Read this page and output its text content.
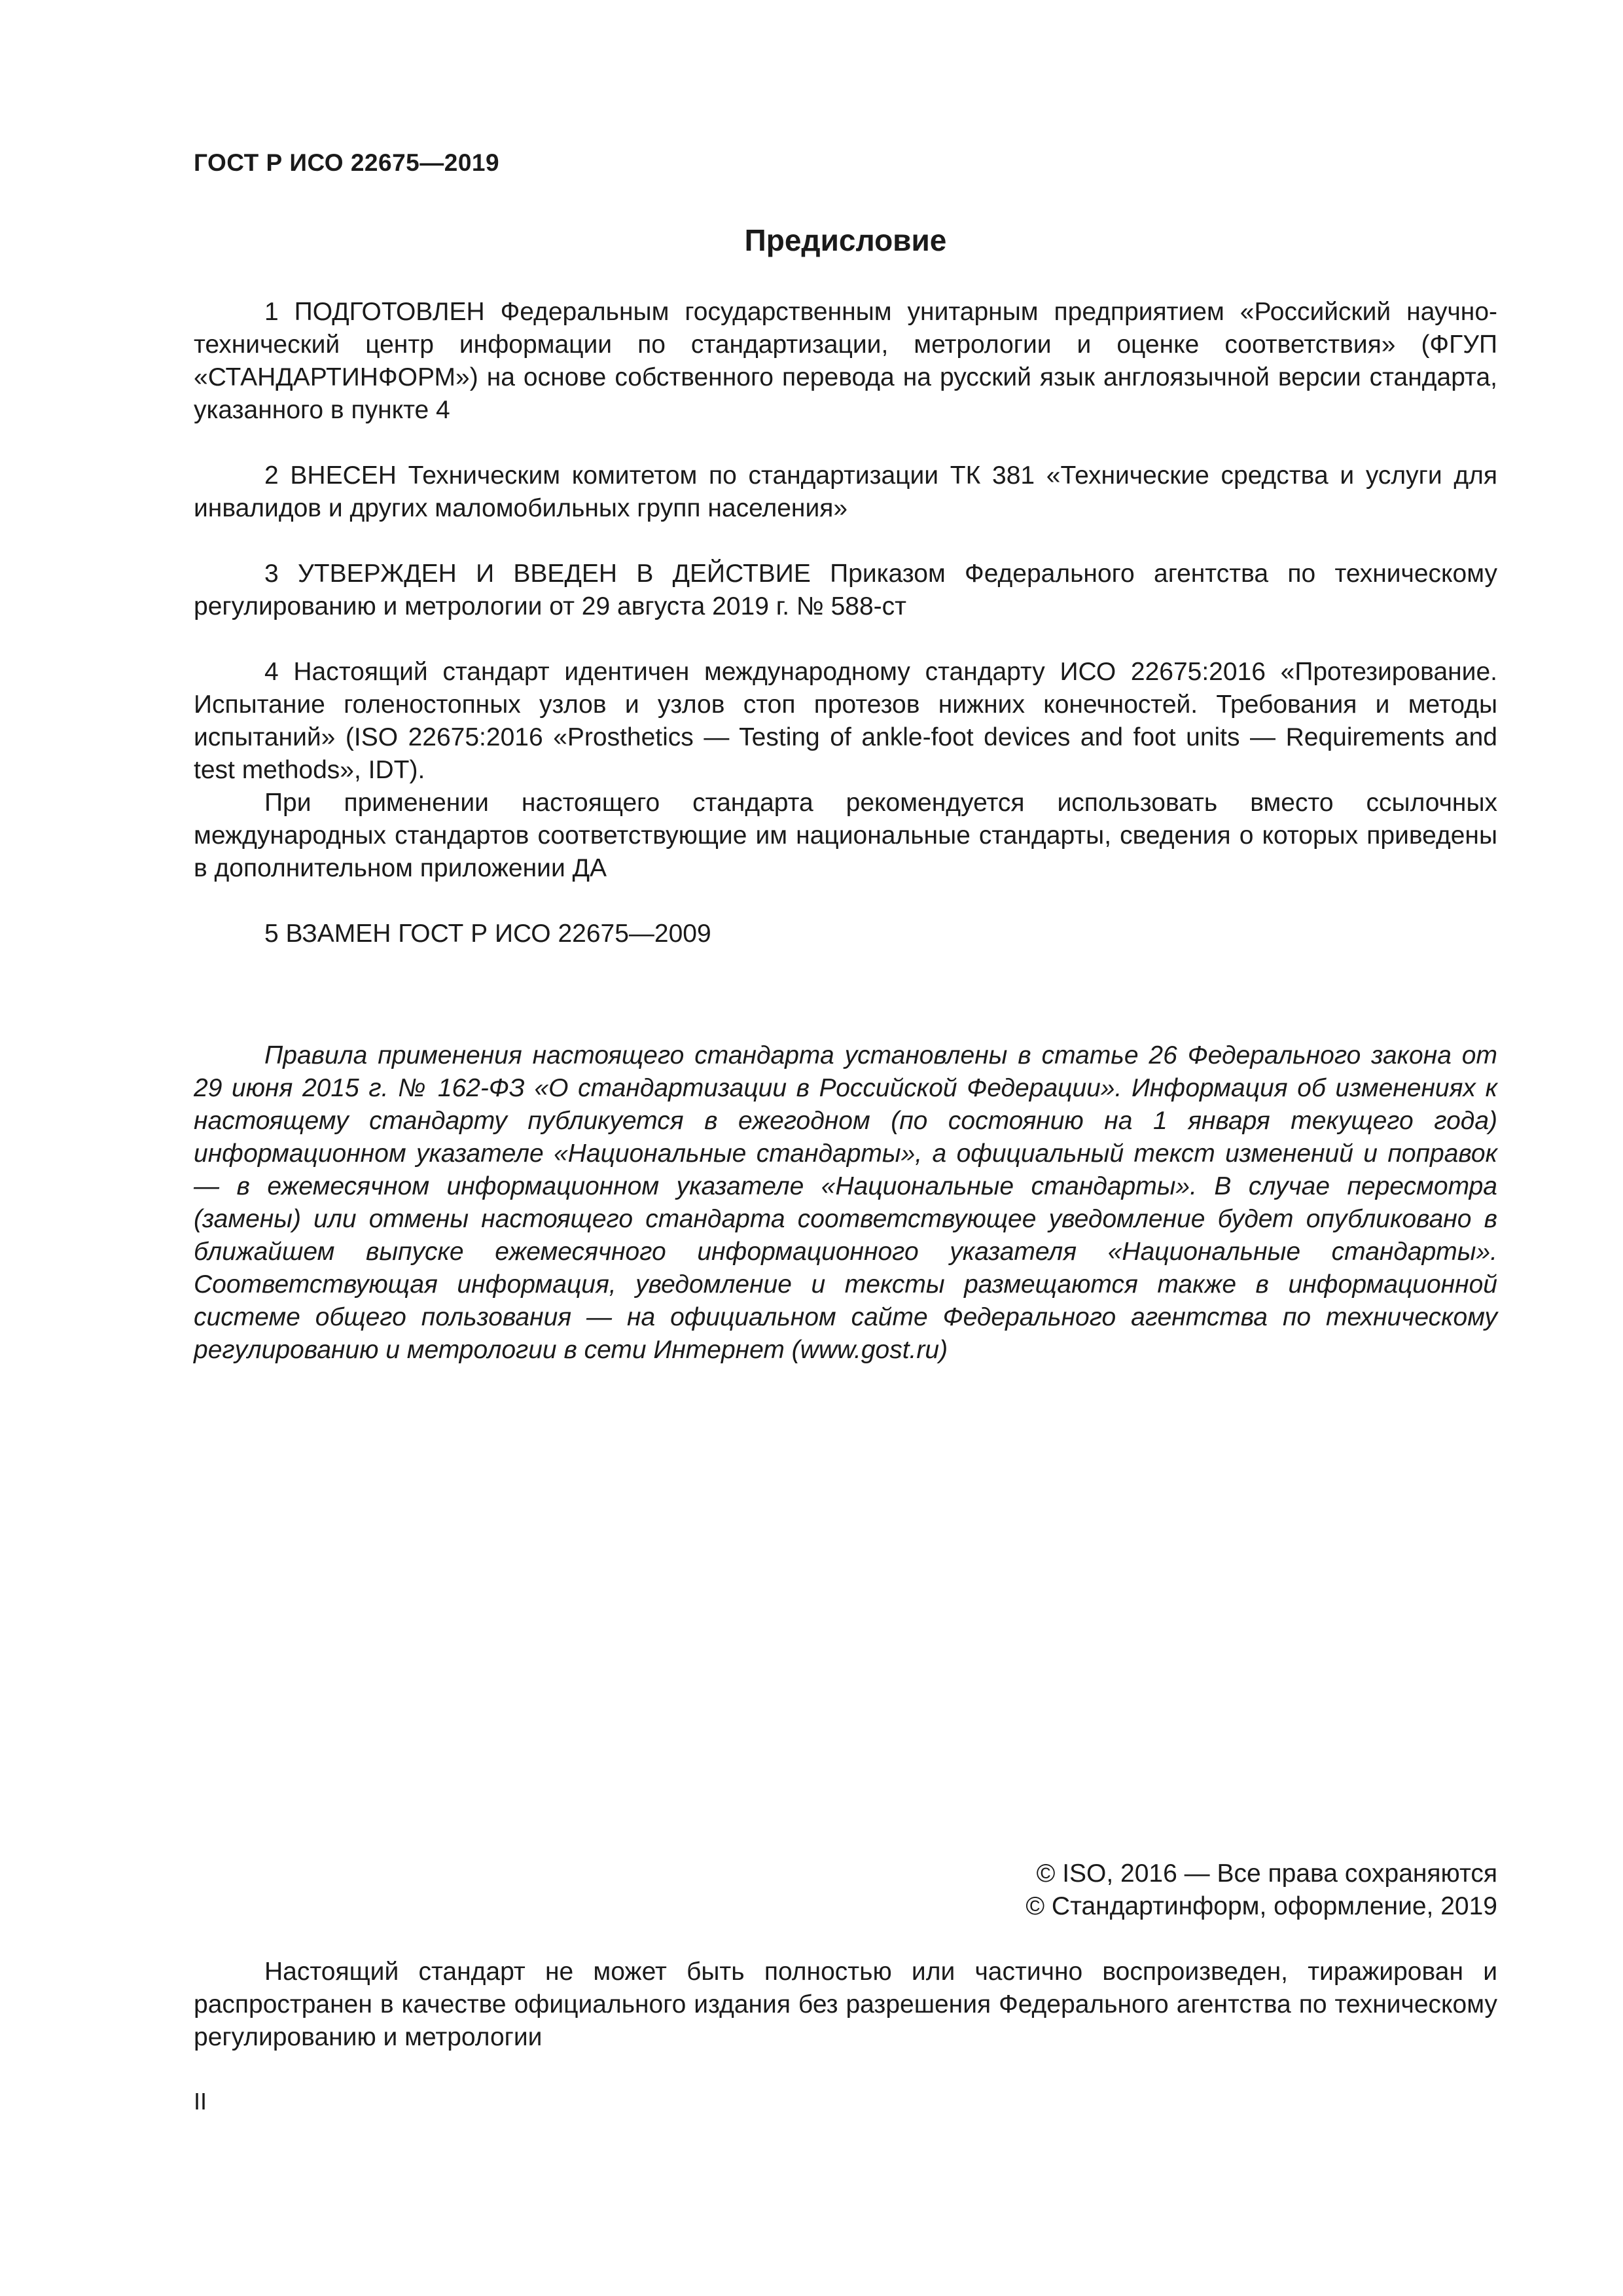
ГОСТ Р ИСО 22675—2019
Предисловие

1 ПОДГОТОВЛЕН Федеральным государственным унитарным предприятием «Российский научно-технический центр информации по стандартизации, метрологии и оценке соответствия» (ФГУП «СТАНДАРТИНФОРМ») на основе собственного перевода на русский язык англоязычной версии стандарта, указанного в пункте 4

2 ВНЕСЕН Техническим комитетом по стандартизации ТК 381 «Технические средства и услуги для инвалидов и других маломобильных групп населения»

3 УТВЕРЖДЕН И ВВЕДЕН В ДЕЙСТВИЕ Приказом Федерального агентства по техническому регулированию и метрологии от 29 августа 2019 г. № 588-ст

4 Настоящий стандарт идентичен международному стандарту ИСО 22675:2016 «Протезирование. Испытание голеностопных узлов и узлов стоп протезов нижних конечностей. Требования и методы испытаний» (ISO 22675:2016 «Prosthetics — Testing of ankle-foot devices and foot units — Requirements and test methods», IDT).

При применении настоящего стандарта рекомендуется использовать вместо ссылочных международных стандартов соответствующие им национальные стандарты, сведения о которых приведены в дополнительном приложении ДА

5 ВЗАМЕН ГОСТ Р ИСО 22675—2009

Правила применения настоящего стандарта установлены в статье 26 Федерального закона от 29 июня 2015 г. № 162-ФЗ «О стандартизации в Российской Федерации». Информация об изменениях к настоящему стандарту публикуется в ежегодном (по состоянию на 1 января текущего года) информационном указателе «Национальные стандарты», а официальный текст изменений и поправок — в ежемесячном информационном указателе «Национальные стандарты». В случае пересмотра (замены) или отмены настоящего стандарта соответствующее уведомление будет опубликовано в ближайшем выпуске ежемесячного информационного указателя «Национальные стандарты». Соответствующая информация, уведомление и тексты размещаются также в информационной системе общего пользования — на официальном сайте Федерального агентства по техническому регулированию и метрологии в сети Интернет (www.gost.ru)

© ISO, 2016 — Все права сохраняются
© Стандартинформ, оформление, 2019

Настоящий стандарт не может быть полностью или частично воспроизведен, тиражирован и распространен в качестве официального издания без разрешения Федерального агентства по техническому регулированию и метрологии

II
